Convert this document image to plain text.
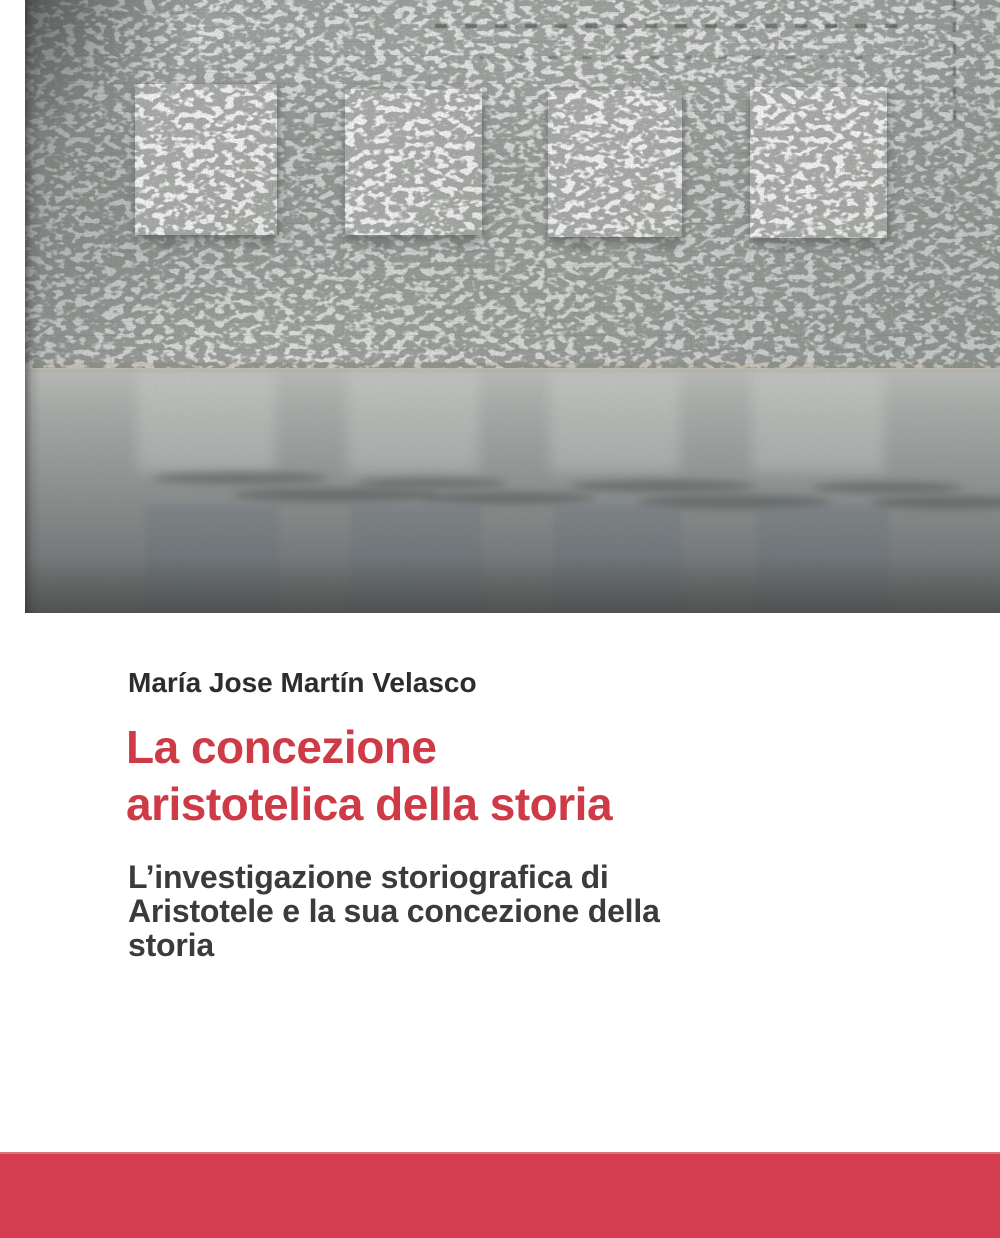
María Jose Martín Velasco
La concezione
aristotelica della storia
L’investigazione storiografica di
Aristotele e la sua concezione della
storia
